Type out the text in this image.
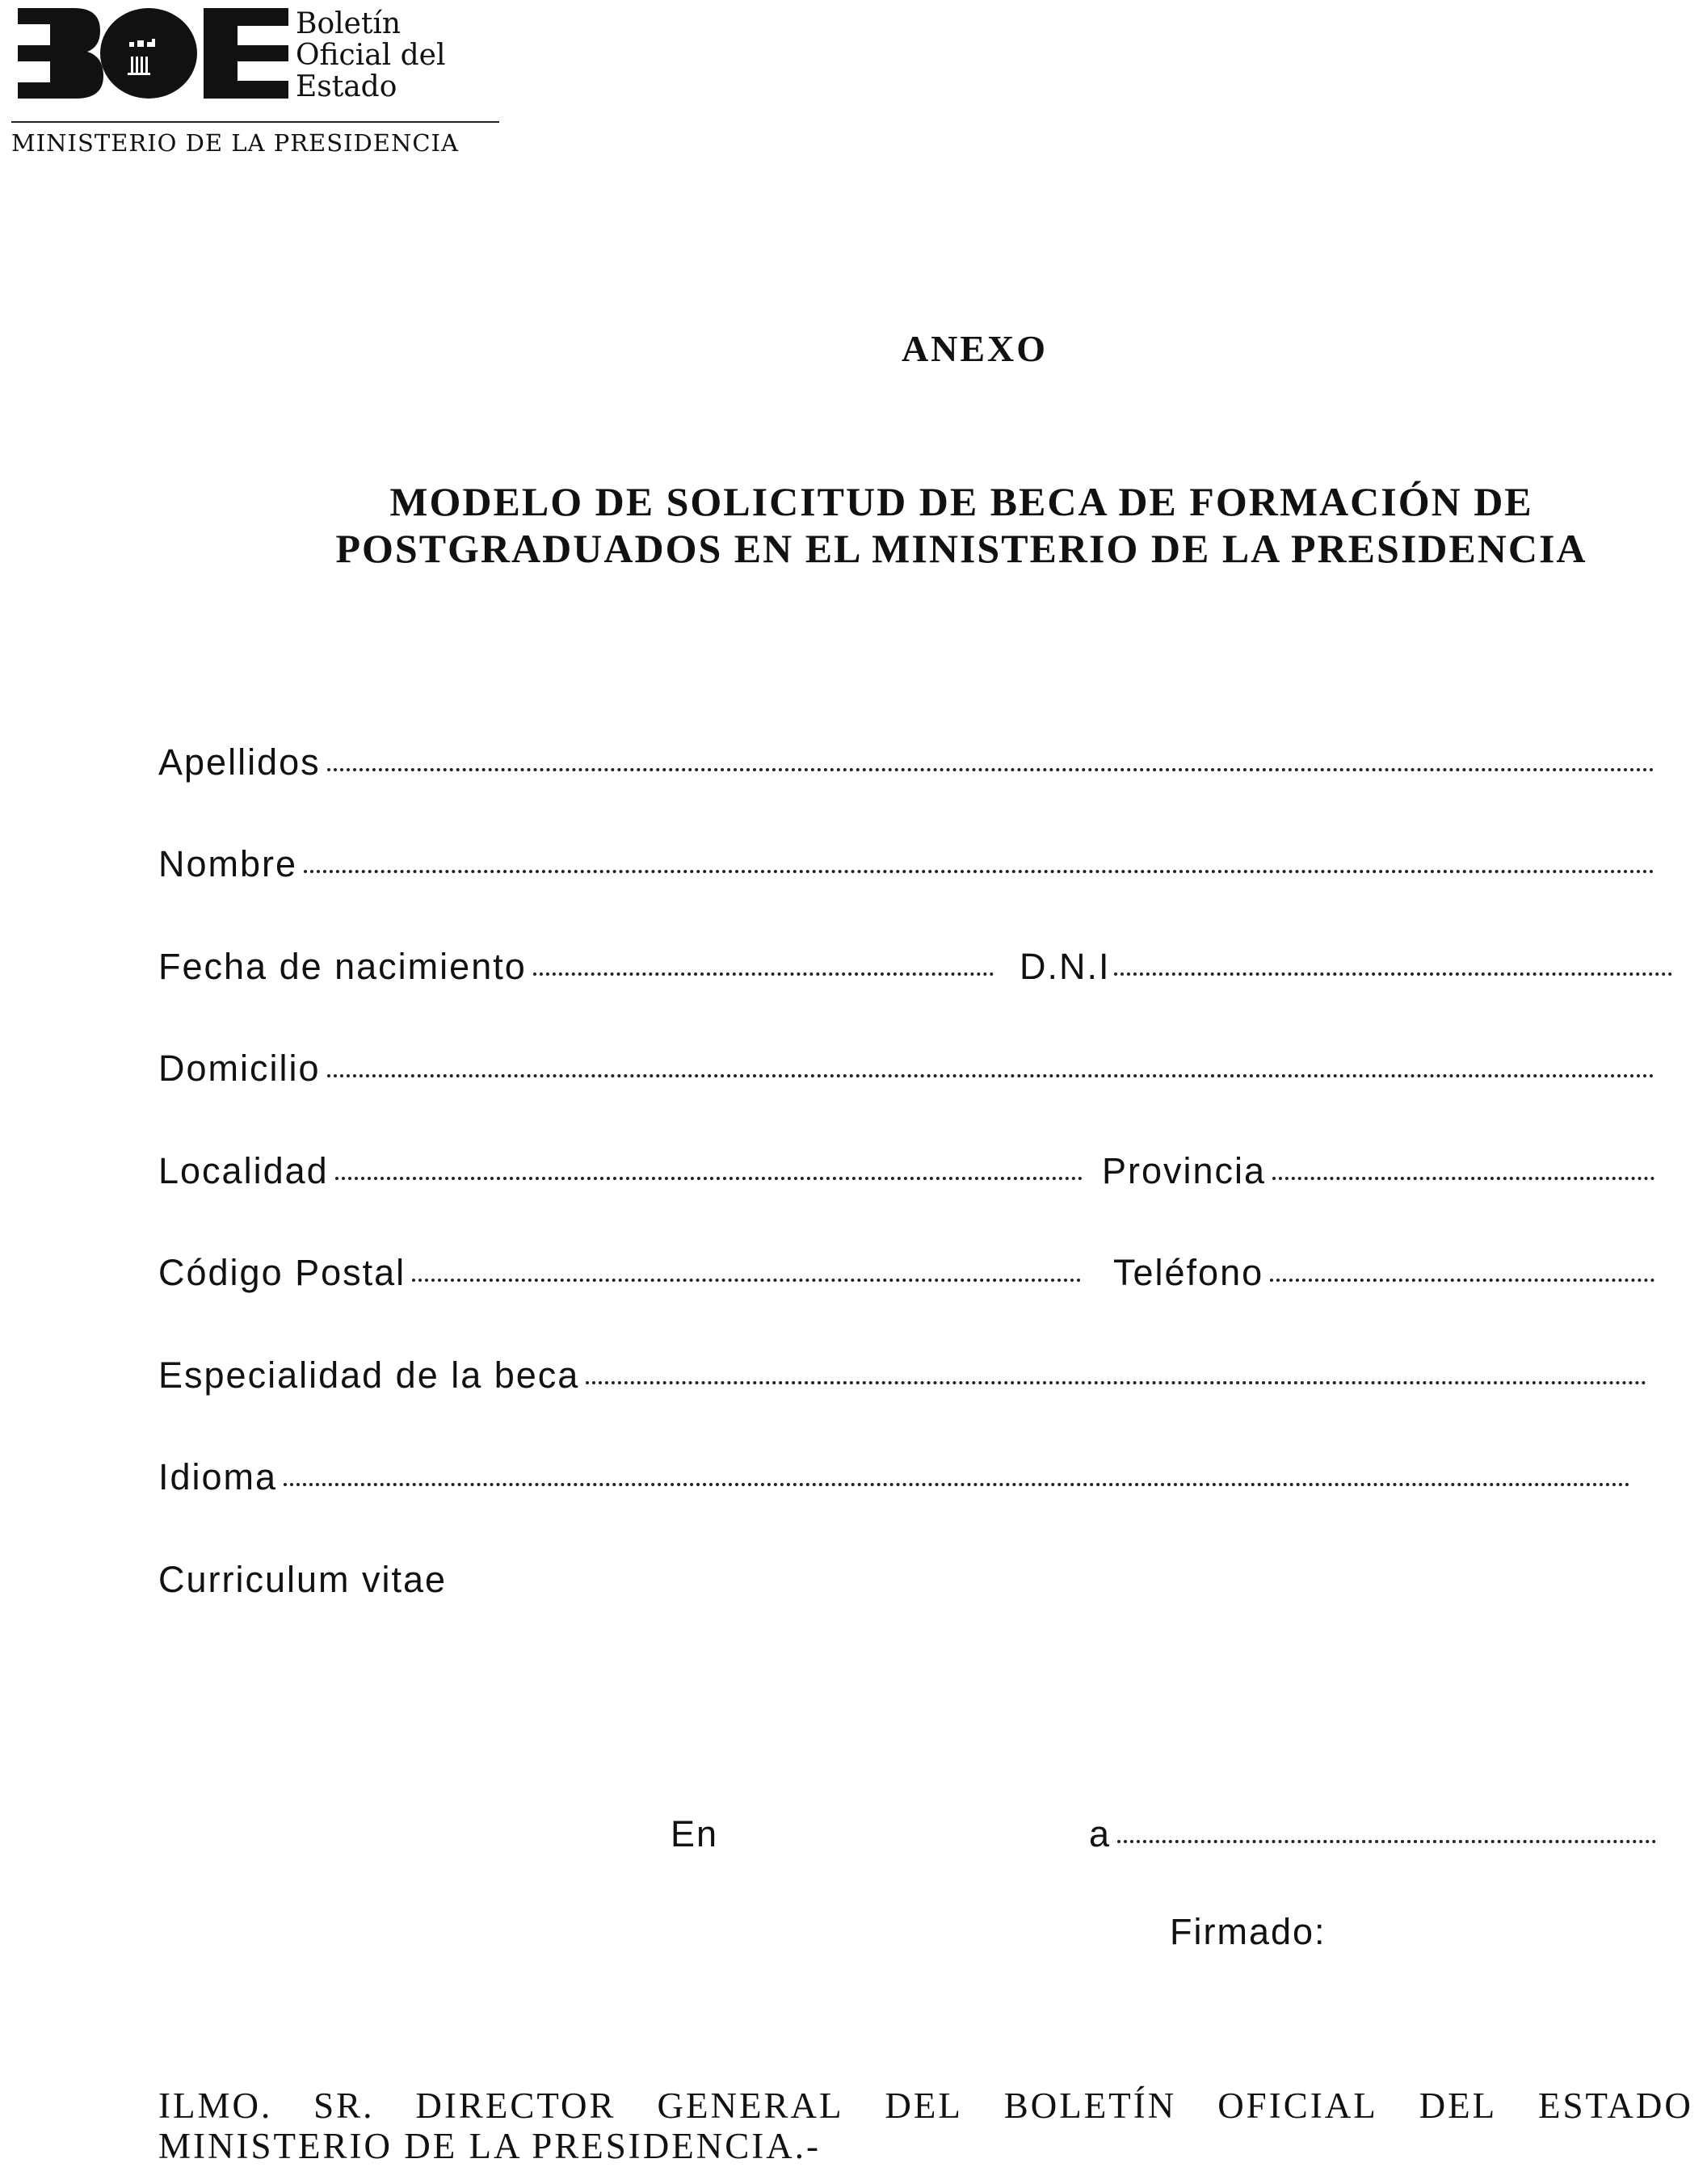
Boletín
Oficial del
Estado
MINISTERIO DE LA PRESIDENCIA
ANEXO
MODELO DE SOLICITUD DE BECA DE FORMACIÓN DE
POSTGRADUADOS EN EL MINISTERIO DE LA PRESIDENCIA
Apellidos
Nombre
Fecha de nacimiento	D.N.I
Domicilio
Localidad	Provincia
Código Postal	Teléfono
Especialidad de la beca
Idioma
Curriculum vitae
En	a
Firmado:
ILMO. SR. DIRECTOR GENERAL DEL BOLETÍN OFICIAL DEL ESTADO
MINISTERIO DE LA PRESIDENCIA.-
